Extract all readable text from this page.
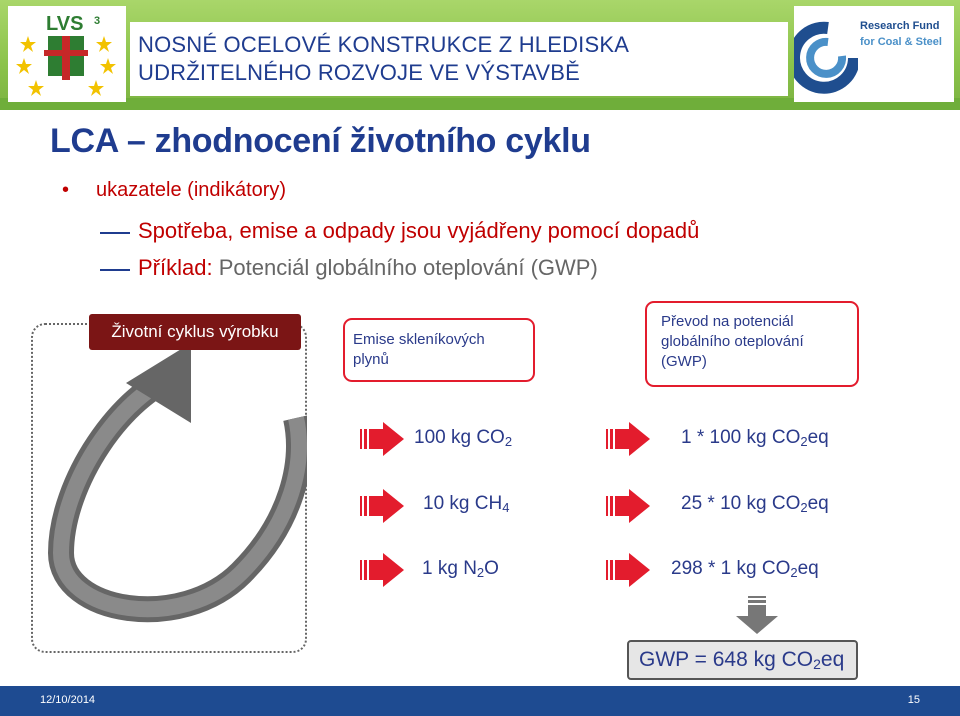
LVS 3
NOSNÉ OCELOVÉ KONSTRUKCE Z HLEDISKA
UDRŽITELNÉHO ROZVOJE VE VÝSTAVBĚ
Research Fund
for Coal & Steel
LCA – zhodnocení životního cyklu
• ukazatele (indikátory)
Spotřeba, emise a odpady jsou vyjádřeny pomocí dopadů
Příklad: Potenciál globálního oteplování (GWP)
Životní cyklus výrobku	Emise skleníkových
plynů
Převod na potenciál
globálního oteplování
(GWP)
100 kg $CO_2$
10 kg $CH_4$
1 kg $N_2O$
1 * 100 kg $CO_2eq$
25 * 10 kg $CO_2eq$
298 * 1 kg $CO_2eq$
GWP = 648 kg $CO_2eq$
12/10/2014	15
